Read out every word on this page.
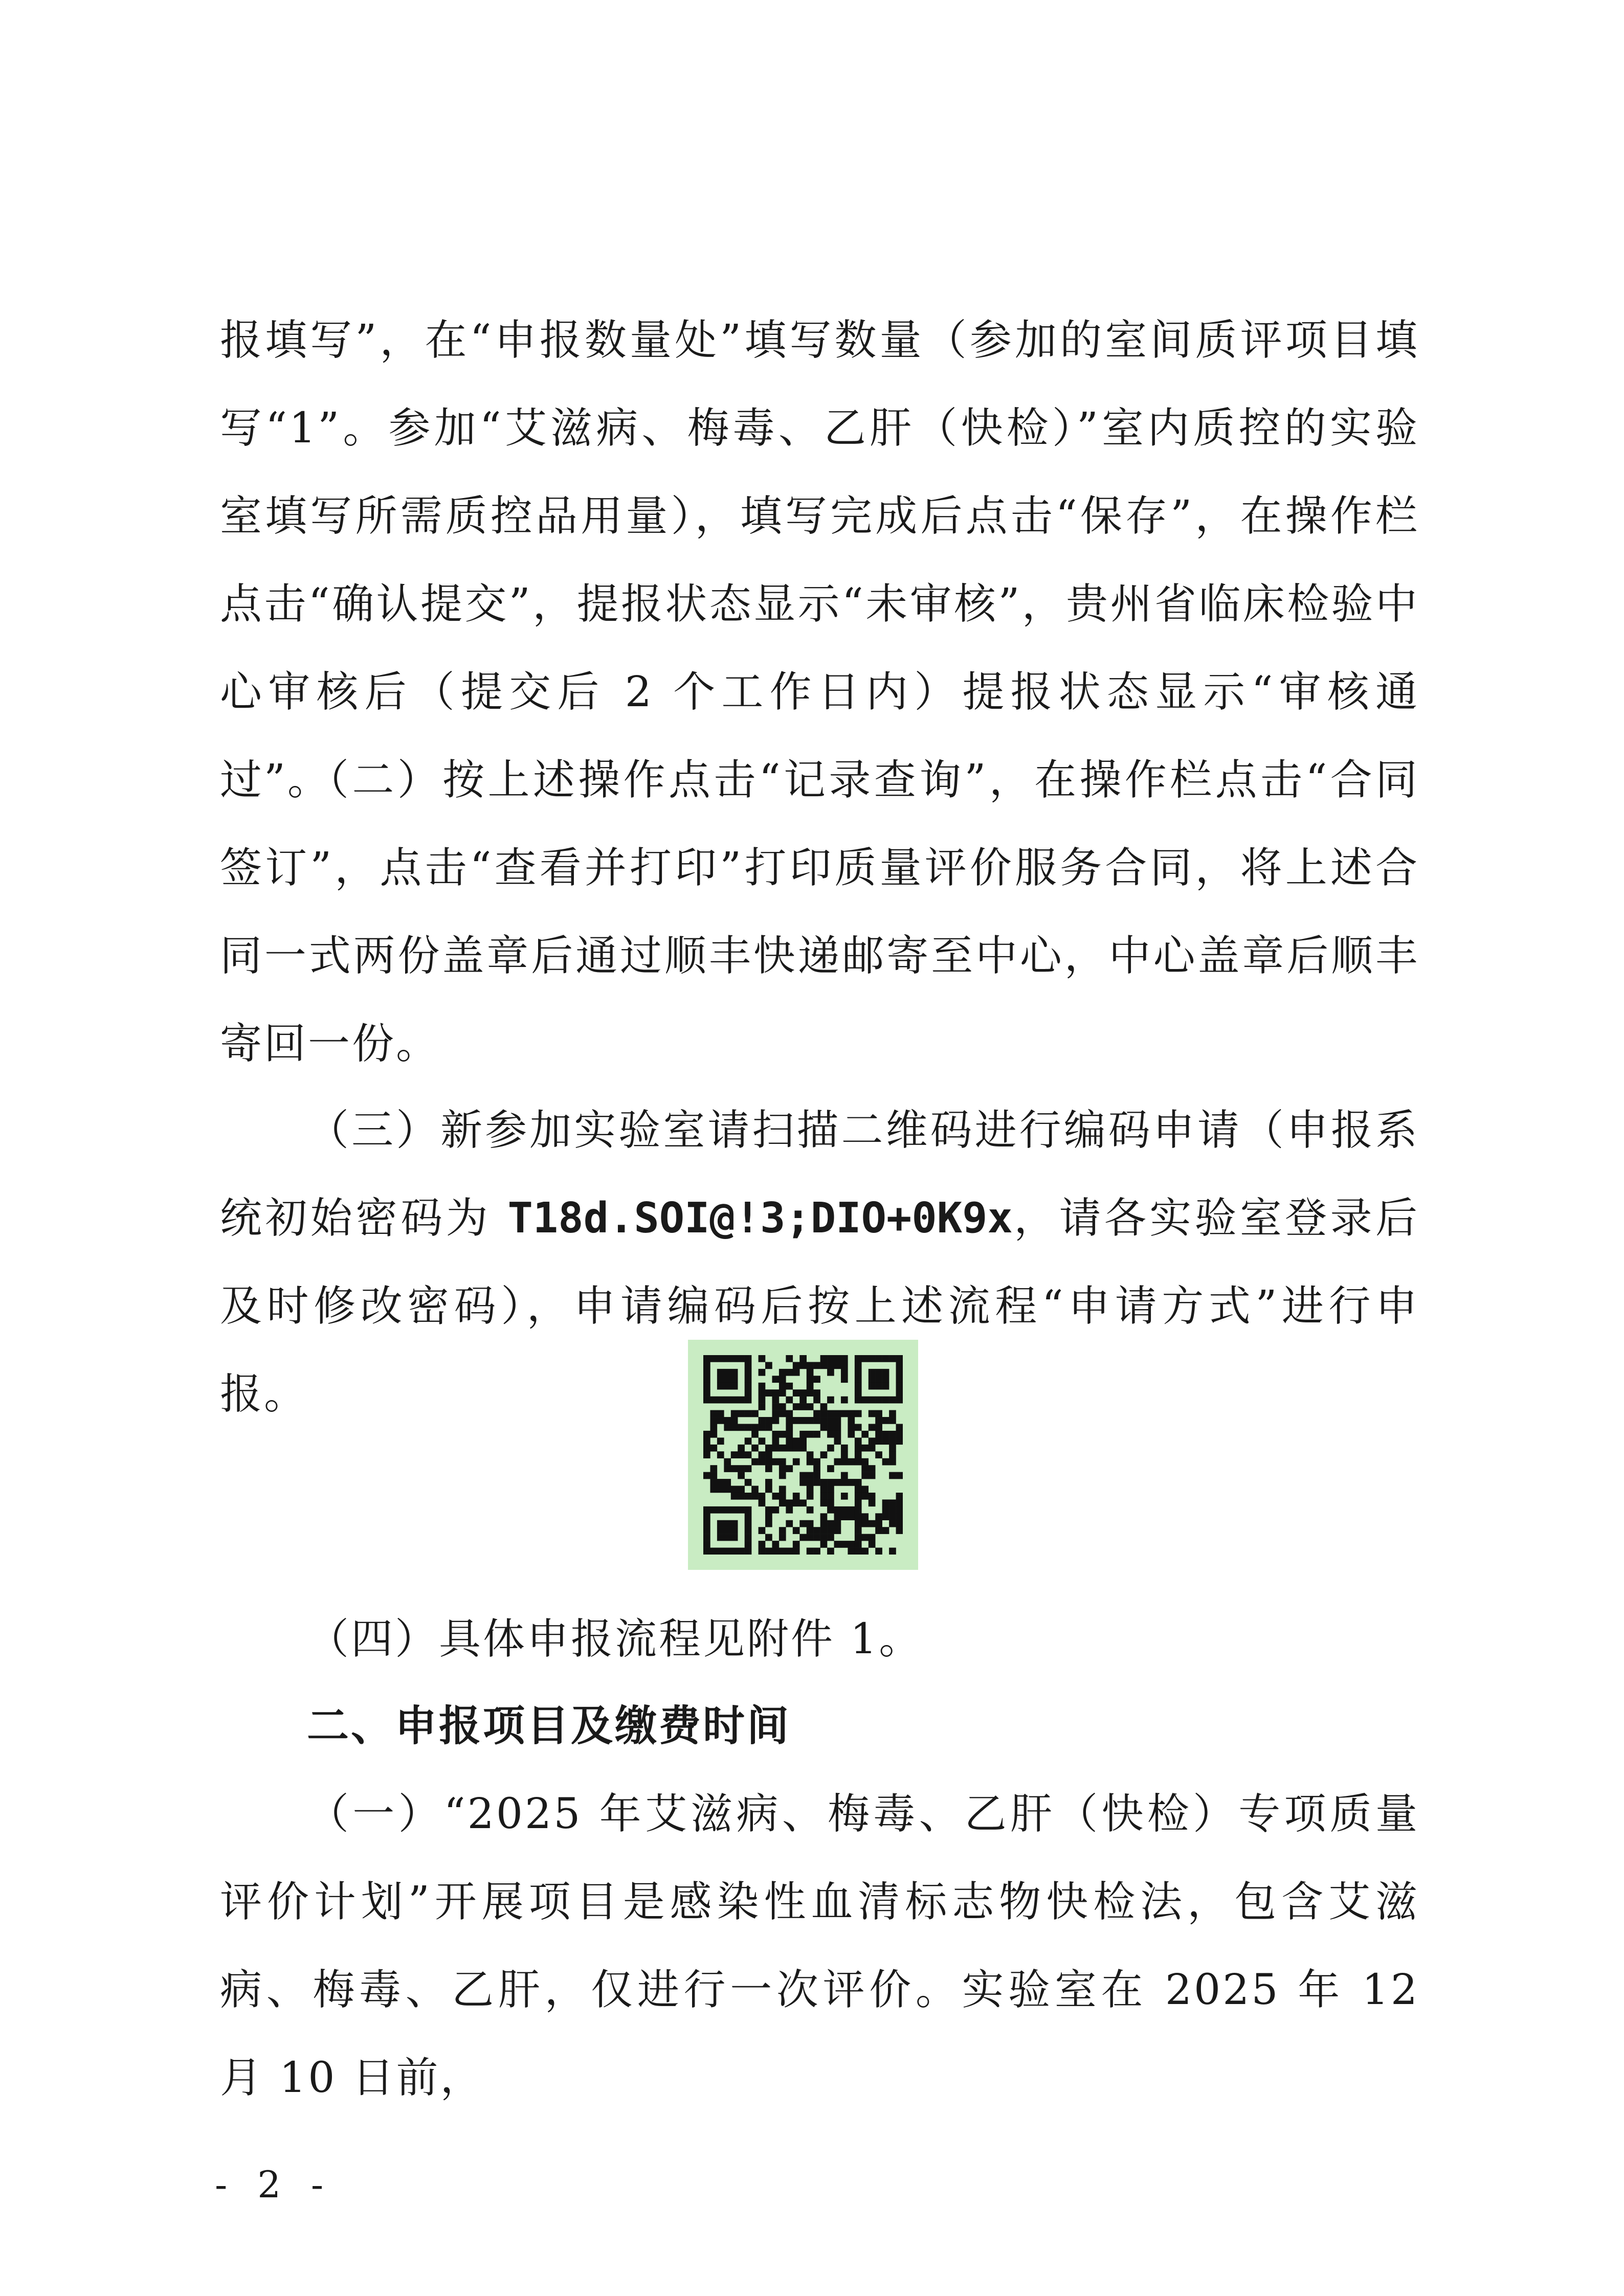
报填写”，在“申报数量处”填写数量（参加的室间质评项目填写“1”。参加“艾滋病、梅毒、乙肝（快检）”室内质控的实验室填写所需质控品用量），填写完成后点击“保存”，在操作栏点击“确认提交”，提报状态显示“未审核”，贵州省临床检验中心审核后（提交后 2 个工作日内）提报状态显示“审核通过”。

（二）按上述操作点击“记录查询”，在操作栏点击“合同签订”，点击“查看并打印”打印质量评价服务合同，将上述合同一式两份盖章后通过顺丰快递邮寄至中心，中心盖章后顺丰寄回一份。

（三）新参加实验室请扫描二维码进行编码申请（申报系统初始密码为 T18d.SOI@!3;DIO+0K9x，请各实验室登录后及时修改密码），申请编码后按上述流程“申请方式”进行申报。

（四）具体申报流程见附件 1。

二、申报项目及缴费时间

（一）“2025 年艾滋病、梅毒、乙肝（快检）专项质量评价计划”开展项目是感染性血清标志物快检法，包含艾滋病、梅毒、乙肝，仅进行一次评价。实验室在 2025 年 12 月 10 日前，

- 2 -
